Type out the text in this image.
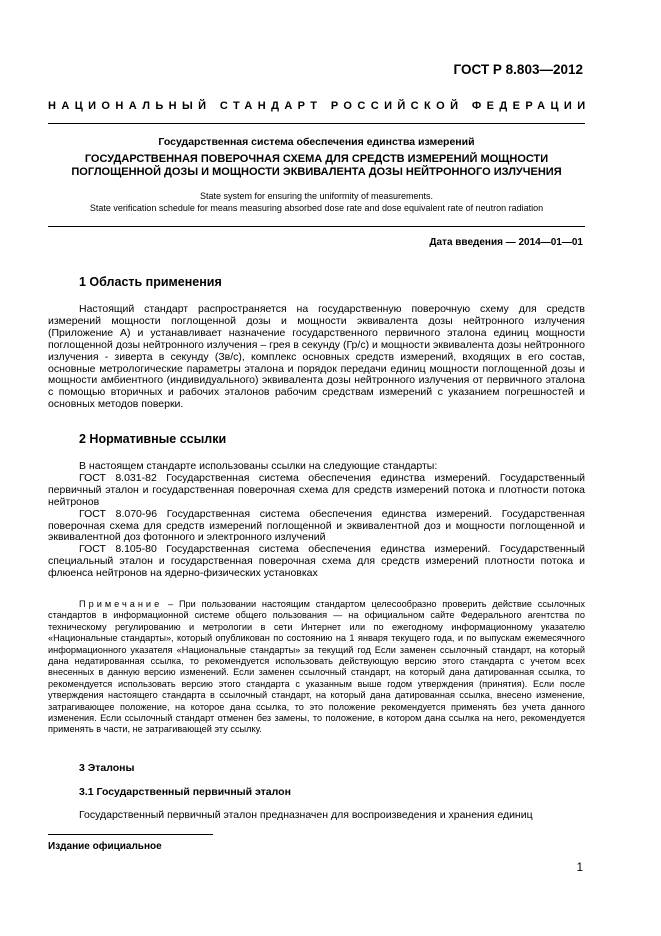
ГОСТ Р 8.803—2012
НАЦИОНАЛЬНЫЙ СТАНДАРТ РОССИЙСКОЙ ФЕДЕРАЦИИ
Государственная система обеспечения единства измерений
ГОСУДАРСТВЕННАЯ ПОВЕРОЧНАЯ СХЕМА ДЛЯ СРЕДСТВ ИЗМЕРЕНИЙ МОЩНОСТИ
ПОГЛОЩЕННОЙ ДОЗЫ И МОЩНОСТИ ЭКВИВАЛЕНТА ДОЗЫ НЕЙТРОННОГО ИЗЛУЧЕНИЯ
State system for ensuring the uniformity of measurements.
State verification schedule for means measuring absorbed dose rate and dose equivalent rate of neutron radiation
Дата введения — 2014—01—01
1 Область применения

Настоящий стандарт распространяется на государственную поверочную схему для средств измерений мощности поглощенной дозы и мощности эквивалента дозы нейтронного излучения (Приложение А) и устанавливает назначение государственного первичного эталона единиц мощности поглощенной дозы нейтронного излучения – грея в секунду (Гр/с) и мощности эквивалента дозы нейтронного излучения - зиверта в секунду (Зв/с), комплекс основных средств измерений, входящих в его состав, основные метрологические параметры эталона и порядок передачи единиц мощности поглощенной дозы и мощности амбиентного (индивидуального) эквивалента дозы нейтронного излучения от первичного эталона с помощью вторичных и рабочих эталонов рабочим средствам измерений с указанием погрешностей и основных методов поверки.

2 Нормативные ссылки

В настоящем стандарте использованы ссылки на следующие стандарты:

ГОСТ 8.031-82 Государственная система обеспечения единства измерений. Государственный первичный эталон и государственная поверочная схема для средств измерений потока и плотности потока нейтронов

ГОСТ 8.070-96 Государственная система обеспечения единства измерений. Государственная поверочная схема для средств измерений поглощенной и эквивалентной доз и мощности поглощенной и эквивалентной доз фотонного и электронного излучений

ГОСТ 8.105-80 Государственная система обеспечения единства измерений. Государственный специальный эталон и государственная поверочная схема для средств измерений плотности потока и флюенса нейтронов на ядерно-физических установках

Примечание – При пользовании настоящим стандартом целесообразно проверить действие ссылочных стандартов в информационной системе общего пользования — на официальном сайте Федерального агентства по техническому регулированию и метрологии в сети Интернет или по ежегодному информационному указателю «Национальные стандарты», который опубликован по состоянию на 1 января текущего года, и по выпускам ежемесячного информационного указателя «Национальные стандарты» за текущий год Если заменен ссылочный стандарт, на который дана недатированная ссылка, то рекомендуется использовать действующую версию этого стандарта с учетом всех внесенных в данную версию изменений. Если заменен ссылочный стандарт, на который дана датированная ссылка, то рекомендуется использовать версию этого стандарта с указанным выше годом утверждения (принятия). Если после утверждения настоящего стандарта в ссылочный стандарт, на который дана датированная ссылка, внесено изменение, затрагивающее положение, на которое дана ссылка, то это положение рекомендуется применять без учета данного изменения. Если ссылочный стандарт отменен без замены, то положение, в котором дана ссылка на него, рекомендуется применять в части, не затрагивающей эту ссылку.

3 Эталоны
3.1 Государственный первичный эталон

Государственный первичный эталон предназначен для воспроизведения и хранения единиц

Издание официальное
1
